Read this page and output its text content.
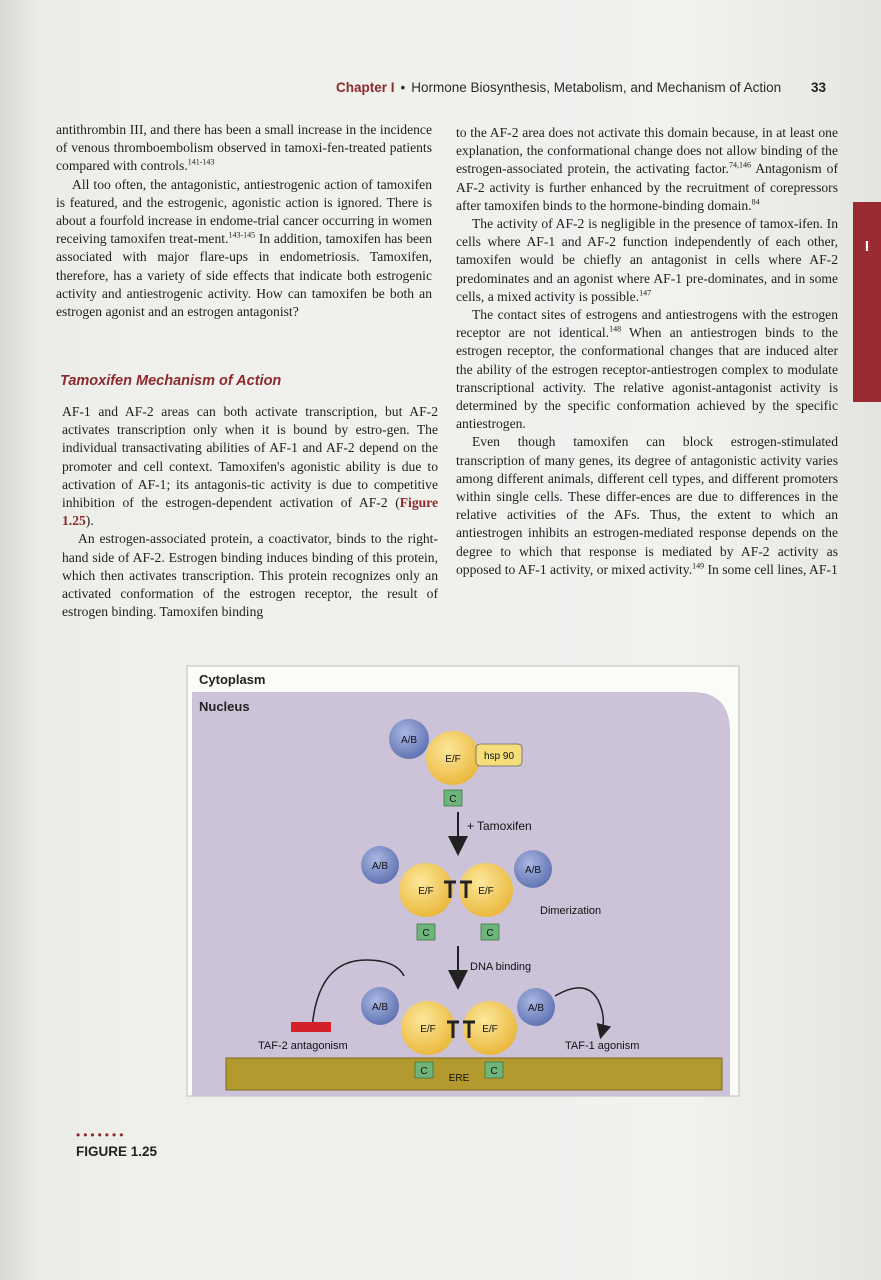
Chapter I • Hormone Biosynthesis, Metabolism, and Mechanism of Action 33
I

antithrombin III, and there has been a small increase in the incidence of venous thromboembolism observed in tamoxi-fen-treated patients compared with controls.$^{141-143}$

All too often, the antagonistic, antiestrogenic action of tamoxifen is featured, and the estrogenic, agonistic action is ignored. There is about a fourfold increase in endome-trial cancer occurring in women receiving tamoxifen treat-ment.$^{143-145}$ In addition, tamoxifen has been associated with major flare-ups in endometriosis. Tamoxifen, therefore, has a variety of side effects that indicate both estrogenic activity and antiestrogenic activity. How can tamoxifen be both an estrogen agonist and an estrogen antagonist?

Tamoxifen Mechanism of Action

AF-1 and AF-2 areas can both activate transcription, but AF-2 activates transcription only when it is bound by estro-gen. The individual transactivating abilities of AF-1 and AF-2 depend on the promoter and cell context. Tamoxifen's agonistic ability is due to activation of AF-1; its antagonis-tic activity is due to competitive inhibition of the estrogen-dependent activation of AF-2 (Figure 1.25).

An estrogen-associated protein, a coactivator, binds to the right-hand side of AF-2. Estrogen binding induces binding of this protein, which then activates transcription. This protein recognizes only an activated conformation of the estrogen receptor, the result of estrogen binding. Tamoxifen binding

to the AF-2 area does not activate this domain because, in at least one explanation, the conformational change does not allow binding of the estrogen-associated protein, the activating factor.$^{74,146}$ Antagonism of AF-2 activity is further enhanced by the recruitment of corepressors after tamoxifen binds to the hormone-binding domain.$^{84}$

The activity of AF-2 is negligible in the presence of tamox-ifen. In cells where AF-1 and AF-2 function independently of each other, tamoxifen would be chiefly an antagonist in cells where AF-2 predominates and an agonist where AF-1 pre-dominates, and in some cells, a mixed activity is possible.$^{147}$

The contact sites of estrogens and antiestrogens with the estrogen receptor are not identical.$^{148}$ When an antiestrogen binds to the estrogen receptor, the conformational changes that are induced alter the ability of the estrogen receptor-antiestrogen complex to modulate transcriptional activity. The relative agonist-antagonist activity is determined by the specific conformation achieved by the specific antiestrogen.

Even though tamoxifen can block estrogen-stimulated transcription of many genes, its degree of antagonistic activity varies among different animals, different cell types, and different promoters within single cells. These differ-ences are due to differences in the relative activities of the AFs. Thus, the extent to which an antiestrogen inhibits an estrogen-mediated response depends on the degree to which that response is mediated by AF-2 activity as opposed to AF-1 activity, or mixed activity.$^{149}$ In some cell lines, AF-1

Cytoplasm
Nucleus
A/B
E/F hsp 90
C
+ Tamoxifen
A/B
E/F	E/F
A/B
C	C
Dimerization
DNA binding
A/B
E/F	E/F
A/B
C	C
ERE
TAF-2 antagonism	TAF-1 agonism
•••••••
FIGURE 1.25
